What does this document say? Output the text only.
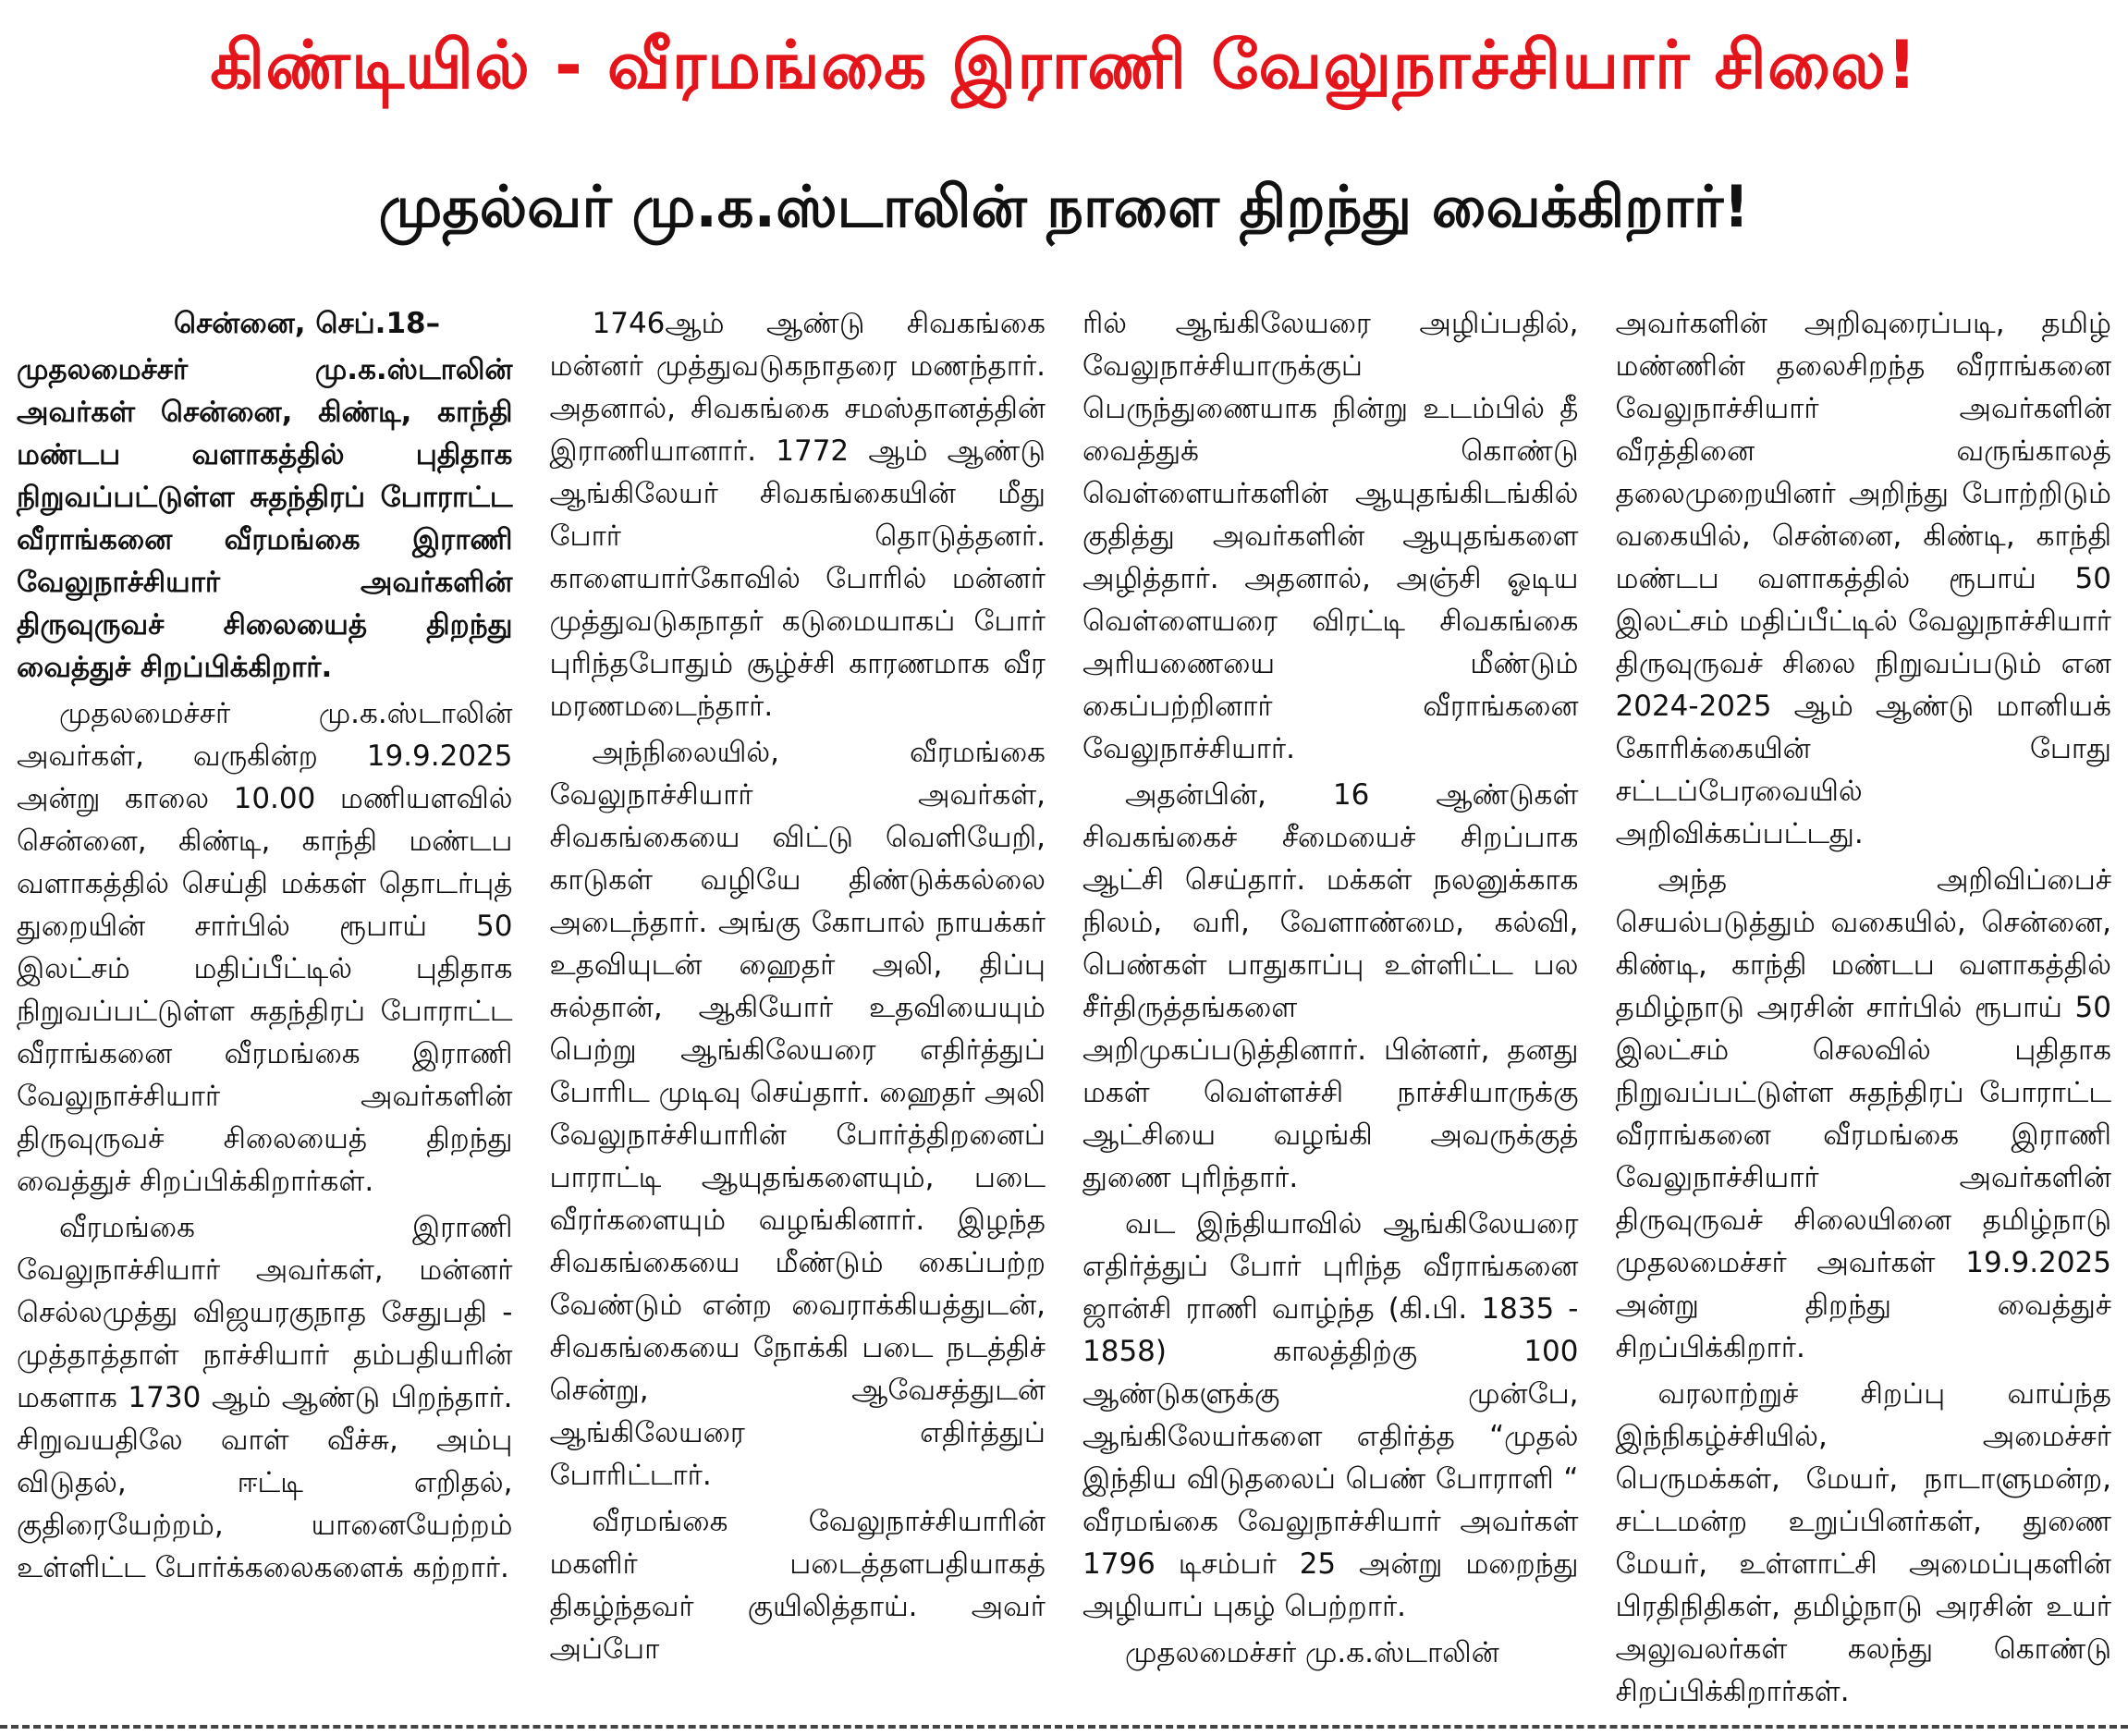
கிண்டியில் - வீரமங்கை இராணி வேலுநாச்சியார் சிலை!
முதல்வர் மு.க.ஸ்டாலின் நாளை திறந்து வைக்கிறார்!

சென்னை, செப்.18–

முதலமைச்சர் மு.க.ஸ்டாலின் அவர்கள் சென்னை, கிண்டி, காந்தி மண்டப வளாகத்தில் புதிதாக நிறுவப்பட்டுள்ள சுதந்திரப் போராட்ட வீராங்கனை வீரமங்கை இராணி வேலுநாச்சியார் அவர்களின் திருவுருவச் சிலையைத் திறந்து வைத்துச் சிறப்பிக்கிறார்.

முதலமைச்சர் மு.க.ஸ்டாலின் அவர்கள், வருகின்ற 19.9.2025 அன்று காலை 10.00 மணியளவில் சென்னை, கிண்டி, காந்தி மண்டப வளாகத்தில் செய்தி மக்கள் தொடர்புத் துறையின் சார்பில் ரூபாய் 50 இலட்சம் மதிப்பீட்டில் புதிதாக நிறுவப்பட்டுள்ள சுதந்திரப் போராட்ட வீராங்கனை வீரமங்கை இராணி வேலுநாச்சியார் அவர்களின் திருவுருவச் சிலையைத் திறந்து வைத்துச் சிறப்பிக்கிறார்கள்.

வீரமங்கை இராணி வேலுநாச்சியார் அவர்கள், மன்னர் செல்லமுத்து விஜயரகுநாத சேதுபதி - முத்தாத்தாள் நாச்சியார் தம்பதியரின் மகளாக 1730 ஆம் ஆண்டு பிறந்தார். சிறுவயதிலே வாள் வீச்சு, அம்பு விடுதல், ஈட்டி எறிதல், குதிரையேற்றம், யானையேற்றம் உள்ளிட்ட போர்க்கலைகளைக் கற்றார்.

1746ஆம் ஆண்டு சிவகங்கை மன்னர் முத்துவடுகநாதரை மணந்தார். அதனால், சிவகங்கை சமஸ்தானத்தின் இராணியானார். 1772 ஆம் ஆண்டு ஆங்கிலேயர் சிவகங்கையின் மீது போர் தொடுத்தனர். காளையார்கோவில் போரில் மன்னர் முத்துவடுகநாதர் கடுமையாகப் போர் புரிந்தபோதும் சூழ்ச்சி காரணமாக வீர மரணமடைந்தார்.

அந்நிலையில், வீரமங்கை வேலுநாச்சியார் அவர்கள், சிவகங்கையை விட்டு வெளியேறி, காடுகள் வழியே திண்டுக்கல்லை அடைந்தார். அங்கு கோபால் நாயக்கர் உதவியுடன் ஹைதர் அலி, திப்பு சுல்தான், ஆகியோர் உதவியையும் பெற்று ஆங்கிலேயரை எதிர்த்துப் போரிட முடிவு செய்தார். ஹைதர் அலி வேலுநாச்சியாரின் போர்த்திறனைப் பாராட்டி ஆயுதங்களையும், படை வீரர்களையும் வழங்கினார். இழந்த சிவகங்கையை மீண்டும் கைப்பற்ற வேண்டும் என்ற வைராக்கியத்துடன், சிவகங்கையை நோக்கி படை நடத்திச் சென்று, ஆவேசத்துடன் ஆங்கிலேயரை எதிர்த்துப் போரிட்டார்.

வீரமங்கை வேலுநாச்சியாரின் மகளிர் படைத்தளபதியாகத் திகழ்ந்தவர் குயிலித்தாய். அவர் அப்போ

ரில் ஆங்கிலேயரை அழிப்பதில், வேலுநாச்சியாருக்குப் பெருந்துணையாக நின்று உடம்பில் தீ வைத்துக் கொண்டு வெள்ளையர்களின் ஆயுதங்கிடங்கில் குதித்து அவர்களின் ஆயுதங்களை அழித்தார். அதனால், அஞ்சி ஓடிய வெள்ளையரை விரட்டி சிவகங்கை அரியணையை மீண்டும் கைப்பற்றினார் வீராங்கனை வேலுநாச்சியார்.

அதன்பின், 16 ஆண்டுகள் சிவகங்கைச் சீமையைச் சிறப்பாக ஆட்சி செய்தார். மக்கள் நலனுக்காக நிலம், வரி, வேளாண்மை, கல்வி, பெண்கள் பாதுகாப்பு உள்ளிட்ட பல சீர்திருத்தங்களை அறிமுகப்படுத்தினார். பின்னர், தனது மகள் வெள்ளச்சி நாச்சியாருக்கு ஆட்சியை வழங்கி அவருக்குத் துணை புரிந்தார்.

வட இந்தியாவில் ஆங்கிலேயரை எதிர்த்துப் போர் புரிந்த வீராங்கனை ஜான்சி ராணி வாழ்ந்த (கி.பி. 1835 - 1858) காலத்திற்கு 100 ஆண்டுகளுக்கு முன்பே, ஆங்கிலேயர்களை எதிர்த்த “முதல் இந்திய விடுதலைப் பெண் போராளி “ வீரமங்கை வேலுநாச்சியார் அவர்கள் 1796 டிசம்பர் 25 அன்று மறைந்து அழியாப் புகழ் பெற்றார்.

முதலமைச்சர் மு.க.ஸ்டாலின்

அவர்களின் அறிவுரைப்படி, தமிழ் மண்ணின் தலைசிறந்த வீராங்கனை வேலுநாச்சியார் அவர்களின் வீரத்தினை வருங்காலத் தலைமுறையினர் அறிந்து போற்றிடும் வகையில், சென்னை, கிண்டி, காந்தி மண்டப வளாகத்தில் ரூபாய் 50 இலட்சம் மதிப்பீட்டில் வேலுநாச்சியார் திருவுருவச் சிலை நிறுவப்படும் என 2024-2025 ஆம் ஆண்டு மானியக் கோரிக்கையின் போது சட்டப்பேரவையில் அறிவிக்கப்பட்டது.

அந்த அறிவிப்பைச் செயல்படுத்தும் வகையில், சென்னை, கிண்டி, காந்தி மண்டப வளாகத்தில் தமிழ்நாடு அரசின் சார்பில் ரூபாய் 50 இலட்சம் செலவில் புதிதாக நிறுவப்பட்டுள்ள சுதந்திரப் போராட்ட வீராங்கனை வீரமங்கை இராணி வேலுநாச்சியார் அவர்களின் திருவுருவச் சிலையினை தமிழ்நாடு முதலமைச்சர் அவர்கள் 19.9.2025 அன்று திறந்து வைத்துச் சிறப்பிக்கிறார்.

வரலாற்றுச் சிறப்பு வாய்ந்த இந்நிகழ்ச்சியில், அமைச்சர் பெருமக்கள், மேயர், நாடாளுமன்ற, சட்டமன்ற உறுப்பினர்கள், துணை மேயர், உள்ளாட்சி அமைப்புகளின் பிரதிநிதிகள், தமிழ்நாடு அரசின் உயர் அலுவலர்கள் கலந்து கொண்டு சிறப்பிக்கிறார்கள்.
